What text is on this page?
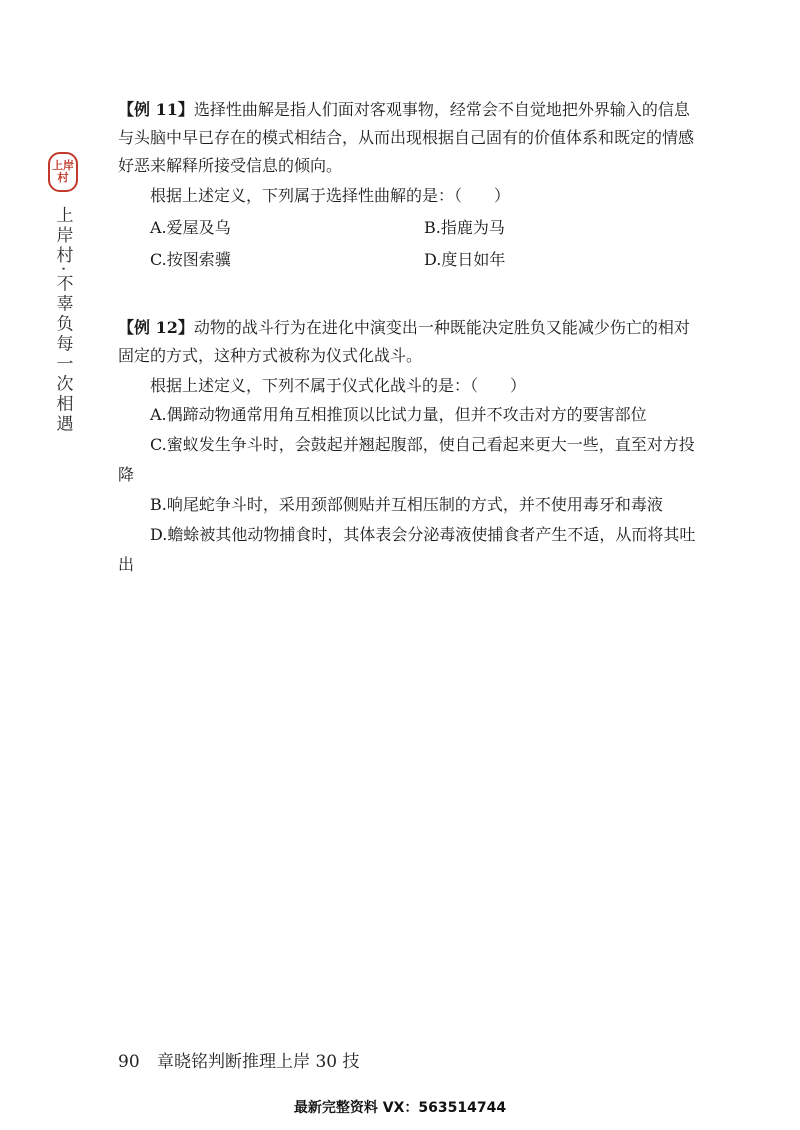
上岸村
上岸村·不辜负每一次相遇

【例 11】选择性曲解是指人们面对客观事物，经常会不自觉地把外界输入的信息与头脑中早已存在的模式相结合，从而出现根据自己固有的价值体系和既定的情感好恶来解释所接受信息的倾向。

根据上述定义，下列属于选择性曲解的是：（　　）

A.爱屋及乌	B.指鹿为马
C.按图索骥	D.度日如年

【例 12】动物的战斗行为在进化中演变出一种既能决定胜负又能减少伤亡的相对固定的方式，这种方式被称为仪式化战斗。

根据上述定义，下列不属于仪式化战斗的是：（　　）

A.偶蹄动物通常用角互相推顶以比试力量，但并不攻击对方的要害部位

C.蜜蚁发生争斗时，会鼓起并翘起腹部，使自己看起来更大一些，直至对方投降

B.响尾蛇争斗时，采用颈部侧贴并互相压制的方式，并不使用毒牙和毒液

D.蟾蜍被其他动物捕食时，其体表会分泌毒液使捕食者产生不适，从而将其吐出

90 章晓铭判断推理上岸 30 技
最新完整资料 VX：563514744
